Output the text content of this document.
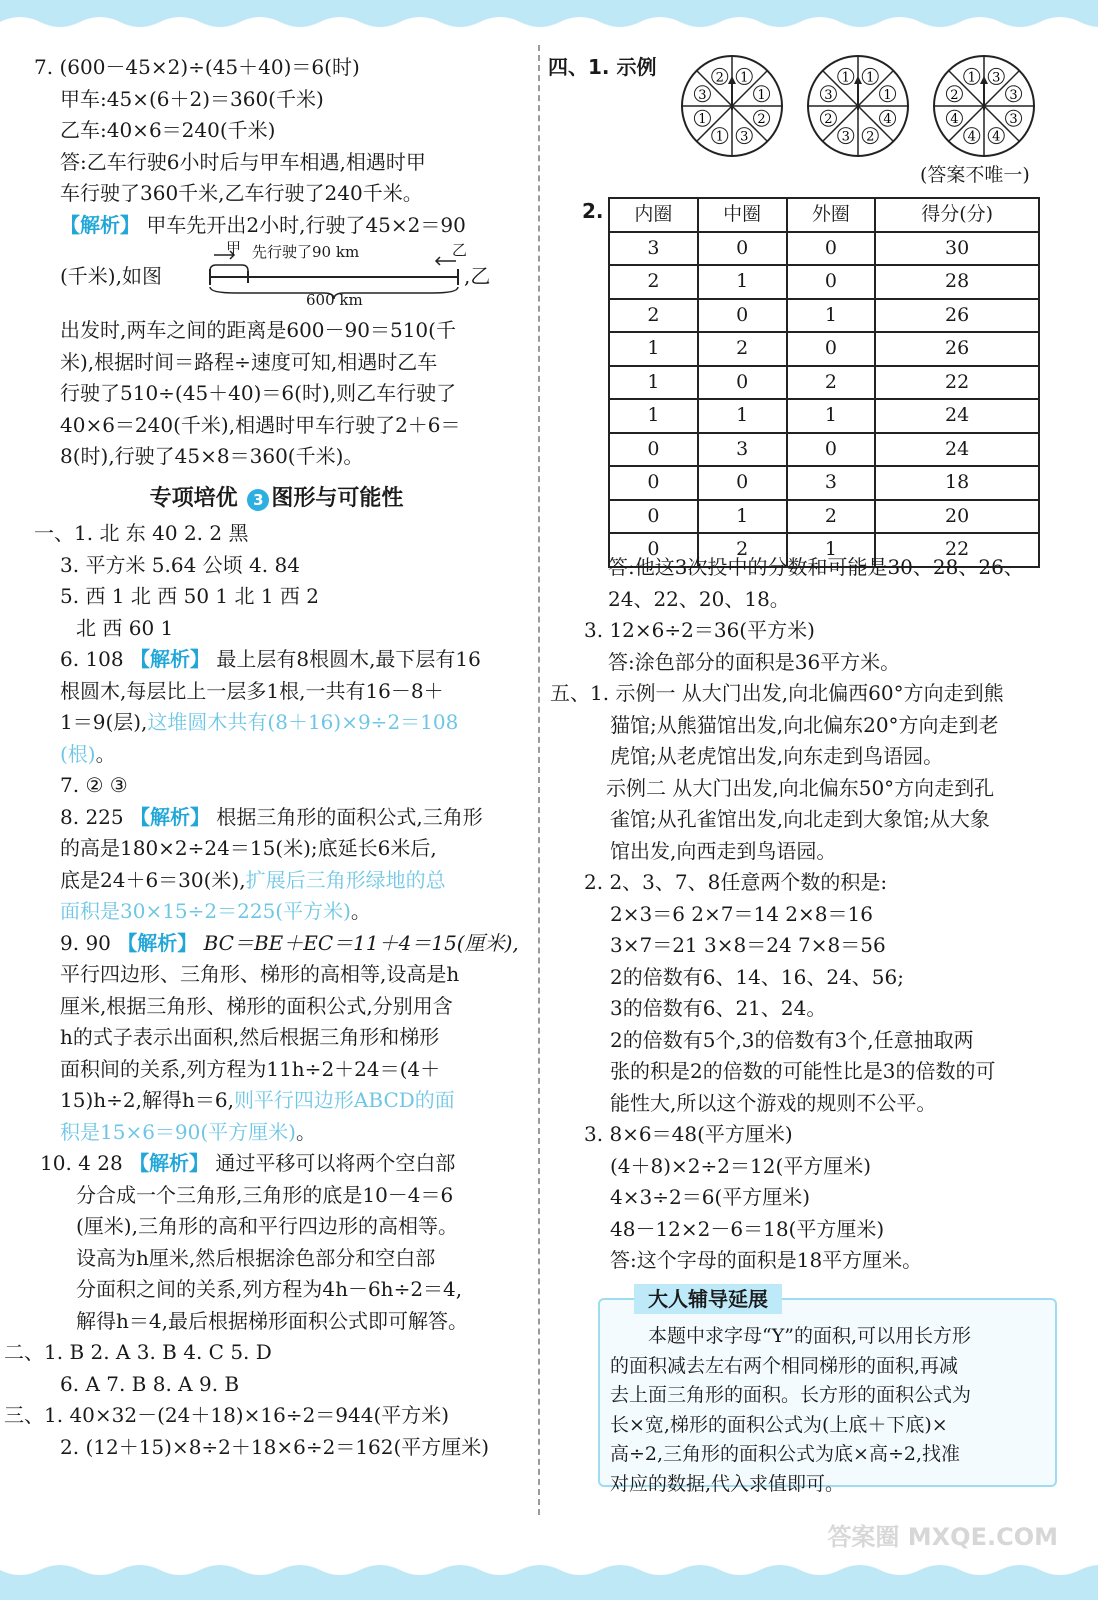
7. (600－45×2)÷(45＋40)＝6(时)
甲车:45×(6＋2)＝360(千米)
乙车:40×6＝240(千米)
答:乙车行驶6小时后与甲车相遇,相遇时甲
车行驶了360千米,乙车行驶了240千米。
【解析】 甲车先开出2小时,行驶了45×2＝90
(千米),如图
甲 先行驶了90 km	乙
600 km
,乙
出发时,两车之间的距离是600－90＝510(千
米),根据时间＝路程÷速度可知,相遇时乙车
行驶了510÷(45＋40)＝6(时),则乙车行驶了
40×6＝240(千米),相遇时甲车行驶了2＋6＝
8(时),行驶了45×8＝360(千米)。
专项培优 3 图形与可能性
一、1. 北 东 40 2. 2 黑
3. 平方米 5.64 公顷 4. 84
5. 西 1 北 西 50 1 北 1 西 2
北 西 60 1
6. 108 【解析】 最上层有8根圆木,最下层有16
根圆木,每层比上一层多1根,一共有16－8＋
1＝9(层),这堆圆木共有(8＋16)×9÷2＝108
(根)。
7. ② ③
8. 225 【解析】 根据三角形的面积公式,三角形
的高是180×2÷24＝15(米);底延长6米后,
底是24＋6＝30(米),扩展后三角形绿地的总
面积是30×15÷2＝225(平方米)。
9. 90 【解析】 BC＝BE＋EC＝11＋4＝15(厘米),
平行四边形、三角形、梯形的高相等,设高是h
厘米,根据三角形、梯形的面积公式,分别用含
h的式子表示出面积,然后根据三角形和梯形
面积间的关系,列方程为11h÷2＋24＝(4＋
15)h÷2,解得h＝6,则平行四边形ABCD的面
积是15×6＝90(平方厘米)。
10. 4 28 【解析】 通过平移可以将两个空白部
分合成一个三角形,三角形的底是10－4＝6
(厘米),三角形的高和平行四边形的高相等。
设高为h厘米,然后根据涂色部分和空白部
分面积之间的关系,列方程为4h－6h÷2＝4,
解得h＝4,最后根据梯形面积公式即可解答。
二、1. B 2. A 3. B 4. C 5. D
6. A 7. B 8. A 9. B
三、1. 40×32－(24＋18)×16÷2＝944(平方米)
2. (12＋15)×8÷2＋18×6÷2＝162(平方厘米)
四、1. 示例	1
1
2
3
1
1
3
2	1
1
4
2
3
2
3
1	3
3
3
4
4
4
2
1
(答案不唯一)
2. 内圈	中圈	外圈	得分(分)
3	0	0	30
2	1	0	28
2	0	1	26
1	2	0	26
1	0	2	22
1	1	1	24
0	3	0	24
0	0	3	18
0	1	2	20
0	2	1	22
答:他这3次投中的分数和可能是30、28、26、
24、22、20、18。
3. 12×6÷2＝36(平方米)
答:涂色部分的面积是36平方米。
五、1. 示例一 从大门出发,向北偏西60°方向走到熊
猫馆;从熊猫馆出发,向北偏东20°方向走到老
虎馆;从老虎馆出发,向东走到鸟语园。
示例二 从大门出发,向北偏东50°方向走到孔
雀馆;从孔雀馆出发,向北走到大象馆;从大象
馆出发,向西走到鸟语园。
2. 2、3、7、8任意两个数的积是:
2×3＝6 2×7＝14 2×8＝16
3×7＝21 3×8＝24 7×8＝56
2的倍数有6、14、16、24、56;
3的倍数有6、21、24。
2的倍数有5个,3的倍数有3个,任意抽取两
张的积是2的倍数的可能性比是3的倍数的可
能性大,所以这个游戏的规则不公平。
3. 8×6＝48(平方厘米)
(4＋8)×2÷2＝12(平方厘米)
4×3÷2＝6(平方厘米)
48－12×2－6＝18(平方厘米)
答:这个字母的面积是18平方厘米。
大人辅导延展
本题中求字母“Y”的面积,可以用长方形
的面积减去左右两个相同梯形的面积,再减
去上面三角形的面积。长方形的面积公式为
长×宽,梯形的面积公式为(上底＋下底)×
高÷2,三角形的面积公式为底×高÷2,找准
对应的数据,代入求值即可。
答案圈 MXQE.COM
